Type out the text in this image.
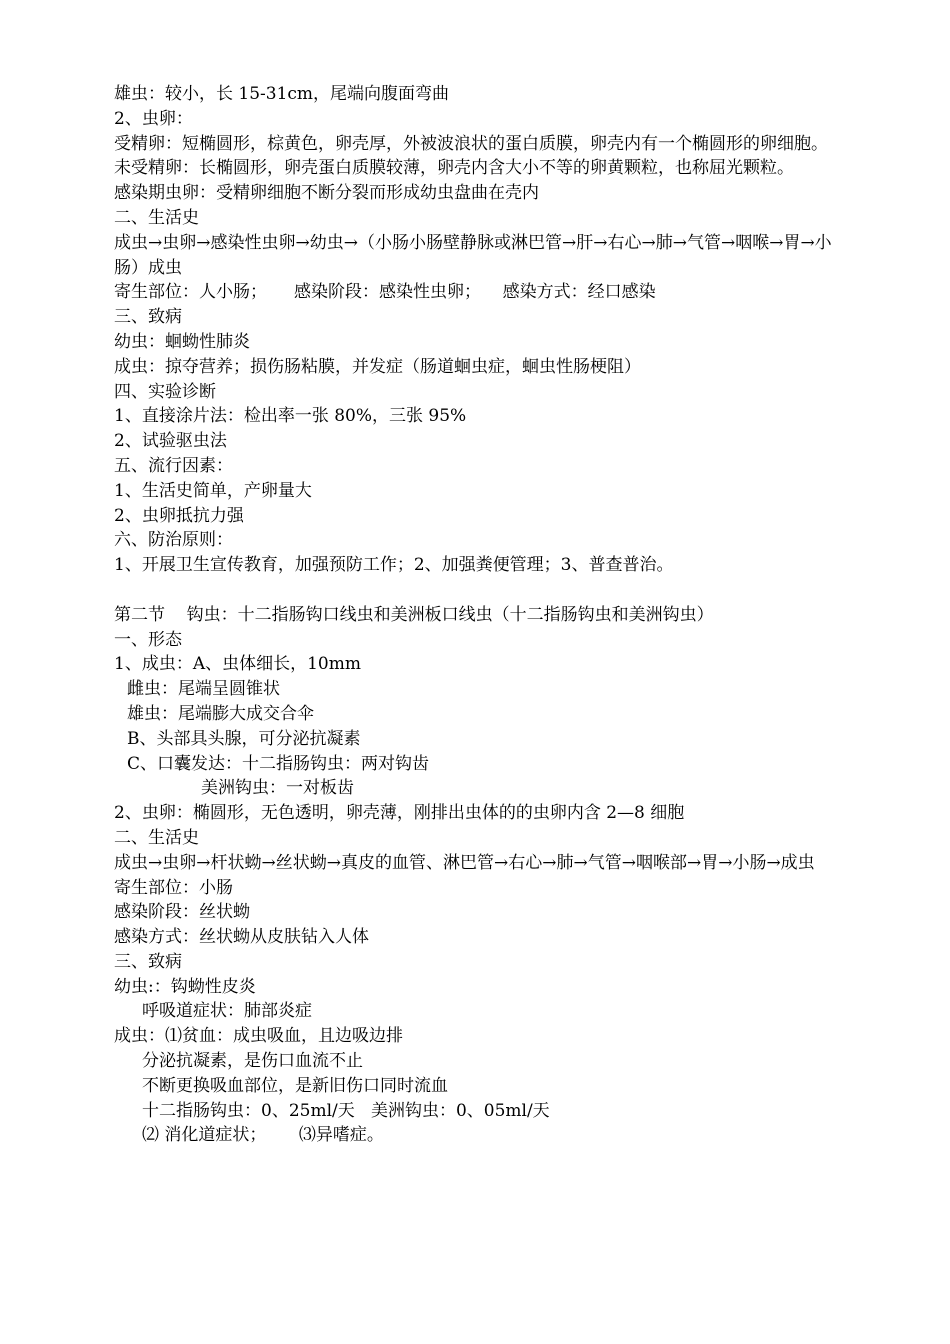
雄虫：较小，长 15-31cm，尾端向腹面弯曲
2、虫卵：
受精卵：短椭圆形，棕黄色，卵壳厚，外被波浪状的蛋白质膜，卵壳内有一个椭圆形的卵细胞。
未受精卵：长椭圆形，卵壳蛋白质膜较薄，卵壳内含大小不等的卵黄颗粒，也称屈光颗粒。
感染期虫卵：受精卵细胞不断分裂而形成幼虫盘曲在壳内
二、生活史
成虫→虫卵→感染性虫卵→幼虫→（小肠小肠壁静脉或淋巴管→肝→右心→肺→气管→咽喉→胃→小肠）成虫
寄生部位：人小肠；     感染阶段：感染性虫卵；    感染方式：经口感染
三、致病
幼虫：蛔蚴性肺炎
成虫：掠夺营养；损伤肠粘膜，并发症（肠道蛔虫症，蛔虫性肠梗阻）
四、实验诊断
1、直接涂片法：检出率一张 80%，三张 95%
2、试验驱虫法
五、流行因素：
1、生活史简单，产卵量大
2、虫卵抵抗力强
六、防治原则：
1、开展卫生宣传教育，加强预防工作；2、加强粪便管理；3、普查普治。
第二节    钩虫：十二指肠钩口线虫和美洲板口线虫（十二指肠钩虫和美洲钩虫）
一、形态
1、成虫：A、虫体细长，10mm
雌虫：尾端呈圆锥状
雄虫：尾端膨大成交合伞
B、头部具头腺，可分泌抗凝素
C、口囊发达：十二指肠钩虫：两对钩齿
美洲钩虫：一对板齿
2、虫卵：椭圆形，无色透明，卵壳薄，刚排出虫体的的虫卵内含 2—8 细胞
二、生活史
成虫→虫卵→杆状蚴→丝状蚴→真皮的血管、淋巴管→右心→肺→气管→咽喉部→胃→小肠→成虫
寄生部位：小肠
感染阶段：丝状蚴
感染方式：丝状蚴从皮肤钻入人体
三、致病
幼虫:：钩蚴性皮炎
呼吸道症状：肺部炎症
成虫：⑴贫血：成虫吸血，且边吸边排
分泌抗凝素，是伤口血流不止
不断更换吸血部位，是新旧伤口同时流血
十二指肠钩虫：0、25ml/天   美洲钩虫：0、05ml/天
⑵ 消化道症状；      ⑶异嗜症。
